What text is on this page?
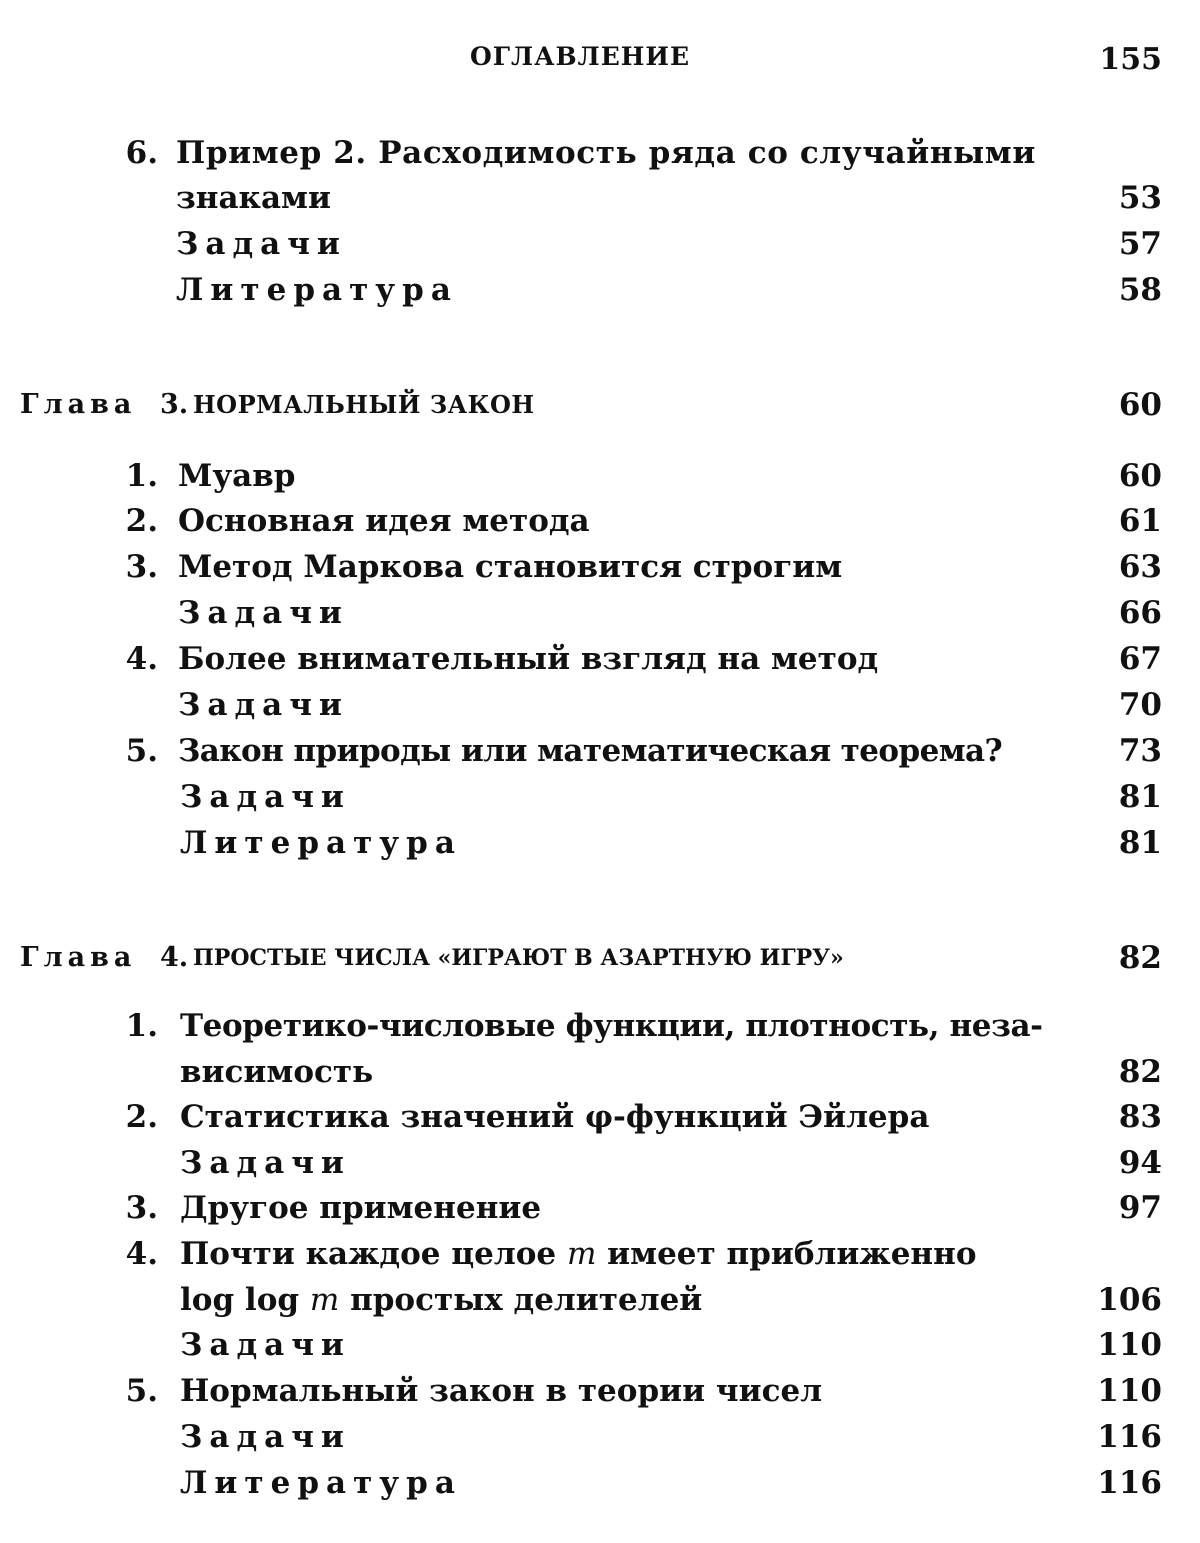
ОГЛАВЛЕНИЕ	155
6. Пример 2. Расходимость ряда со случайными
знаками	53
Задачи	57
Литература	58
Глава 3. НОРМАЛЬНЫЙ ЗАКОН	60
1. Муавр	60
2. Основная идея метода	61
3. Метод Маркова становится строгим	63
Задачи	66
4. Более внимательный взгляд на метод	67
Задачи	70
5. Закон природы или математическая теорема?	73
Задачи	81
Литература	81
Глава 4. ПРОСТЫЕ ЧИСЛА «ИГРАЮТ В АЗАРТНУЮ ИГРУ»	82
1. Теоретико-числовые функции, плотность, неза-
висимость	82
2. Статистика значений φ-функций Эйлера	83
Задачи	94
3. Другое применение	97
4. Почти каждое целое m имеет приближенно
log log m простых делителей	106
Задачи	110
5. Нормальный закон в теории чисел	110
Задачи	116
Литература	116
